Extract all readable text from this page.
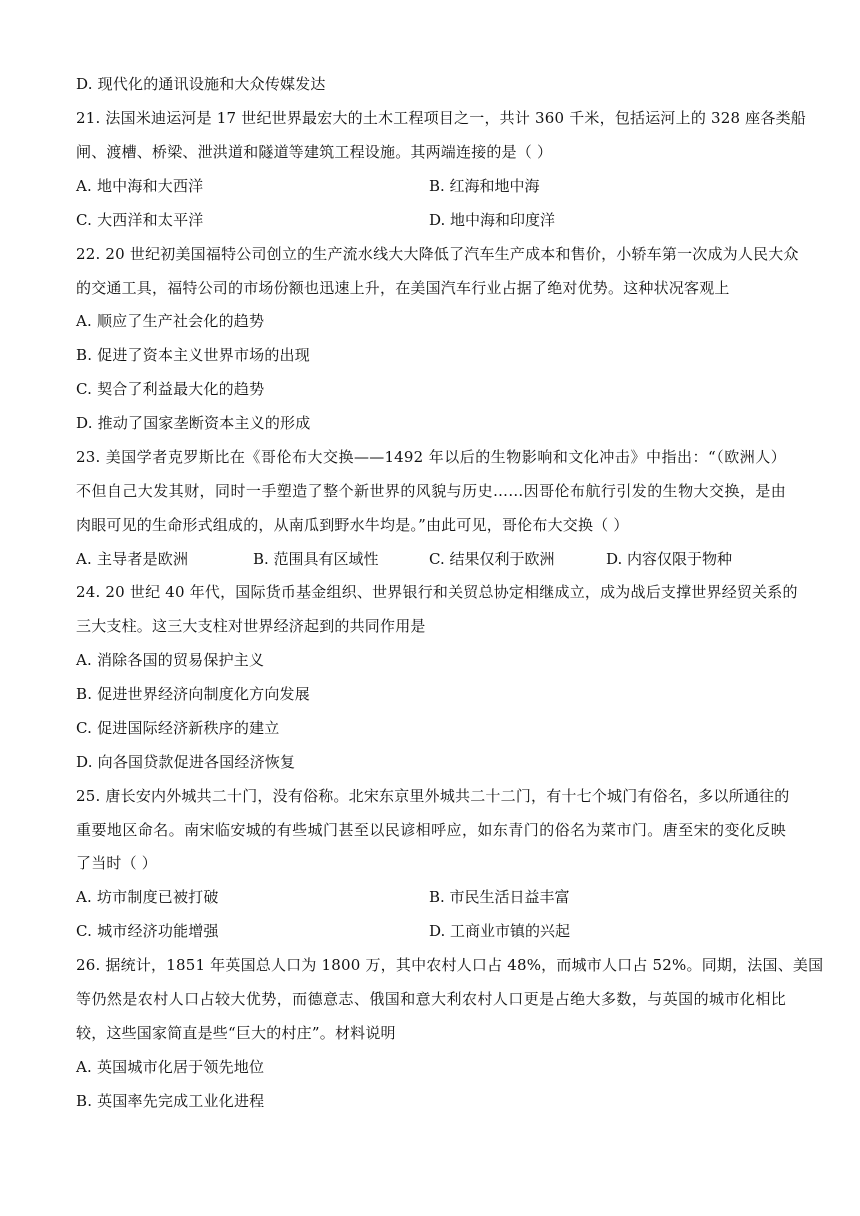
D. 现代化的通讯设施和大众传媒发达
21. 法国米迪运河是 17 世纪世界最宏大的土木工程项目之一，共计 360 千米，包括运河上的 328 座各类船
闸、渡槽、桥梁、泄洪道和隧道等建筑工程设施。其两端连接的是（ ）
A. 地中海和大西洋	B. 红海和地中海
C. 大西洋和太平洋	D. 地中海和印度洋
22. 20 世纪初美国福特公司创立的生产流水线大大降低了汽车生产成本和售价，小轿车第一次成为人民大众
的交通工具，福特公司的市场份额也迅速上升，在美国汽车行业占据了绝对优势。这种状况客观上
A. 顺应了生产社会化的趋势
B. 促进了资本主义世界市场的出现
C. 契合了利益最大化的趋势
D. 推动了国家垄断资本主义的形成
23. 美国学者克罗斯比在《哥伦布大交换——1492 年以后的生物影响和文化冲击》中指出：“（欧洲人）
不但自己大发其财，同时一手塑造了整个新世界的风貌与历史……因哥伦布航行引发的生物大交换，是由
肉眼可见的生命形式组成的，从南瓜到野水牛均是。”由此可见，哥伦布大交换（ ）
A. 主导者是欧洲	B. 范围具有区域性	C. 结果仅利于欧洲	D. 内容仅限于物种
24. 20 世纪 40 年代，国际货币基金组织、世界银行和关贸总协定相继成立，成为战后支撑世界经贸关系的
三大支柱。这三大支柱对世界经济起到的共同作用是
A. 消除各国的贸易保护主义
B. 促进世界经济向制度化方向发展
C. 促进国际经济新秩序的建立
D. 向各国贷款促进各国经济恢复
25. 唐长安内外城共二十门，没有俗称。北宋东京里外城共二十二门，有十七个城门有俗名，多以所通往的
重要地区命名。南宋临安城的有些城门甚至以民谚相呼应，如东青门的俗名为菜市门。唐至宋的变化反映
了当时（ ）
A. 坊市制度已被打破	B. 市民生活日益丰富
C. 城市经济功能增强	D. 工商业市镇的兴起
26. 据统计，1851 年英国总人口为 1800 万，其中农村人口占 48%，而城市人口占 52%。同期，法国、美国
等仍然是农村人口占较大优势，而德意志、俄国和意大利农村人口更是占绝大多数，与英国的城市化相比
较，这些国家简直是些“巨大的村庄”。材料说明
A. 英国城市化居于领先地位
B. 英国率先完成工业化进程
